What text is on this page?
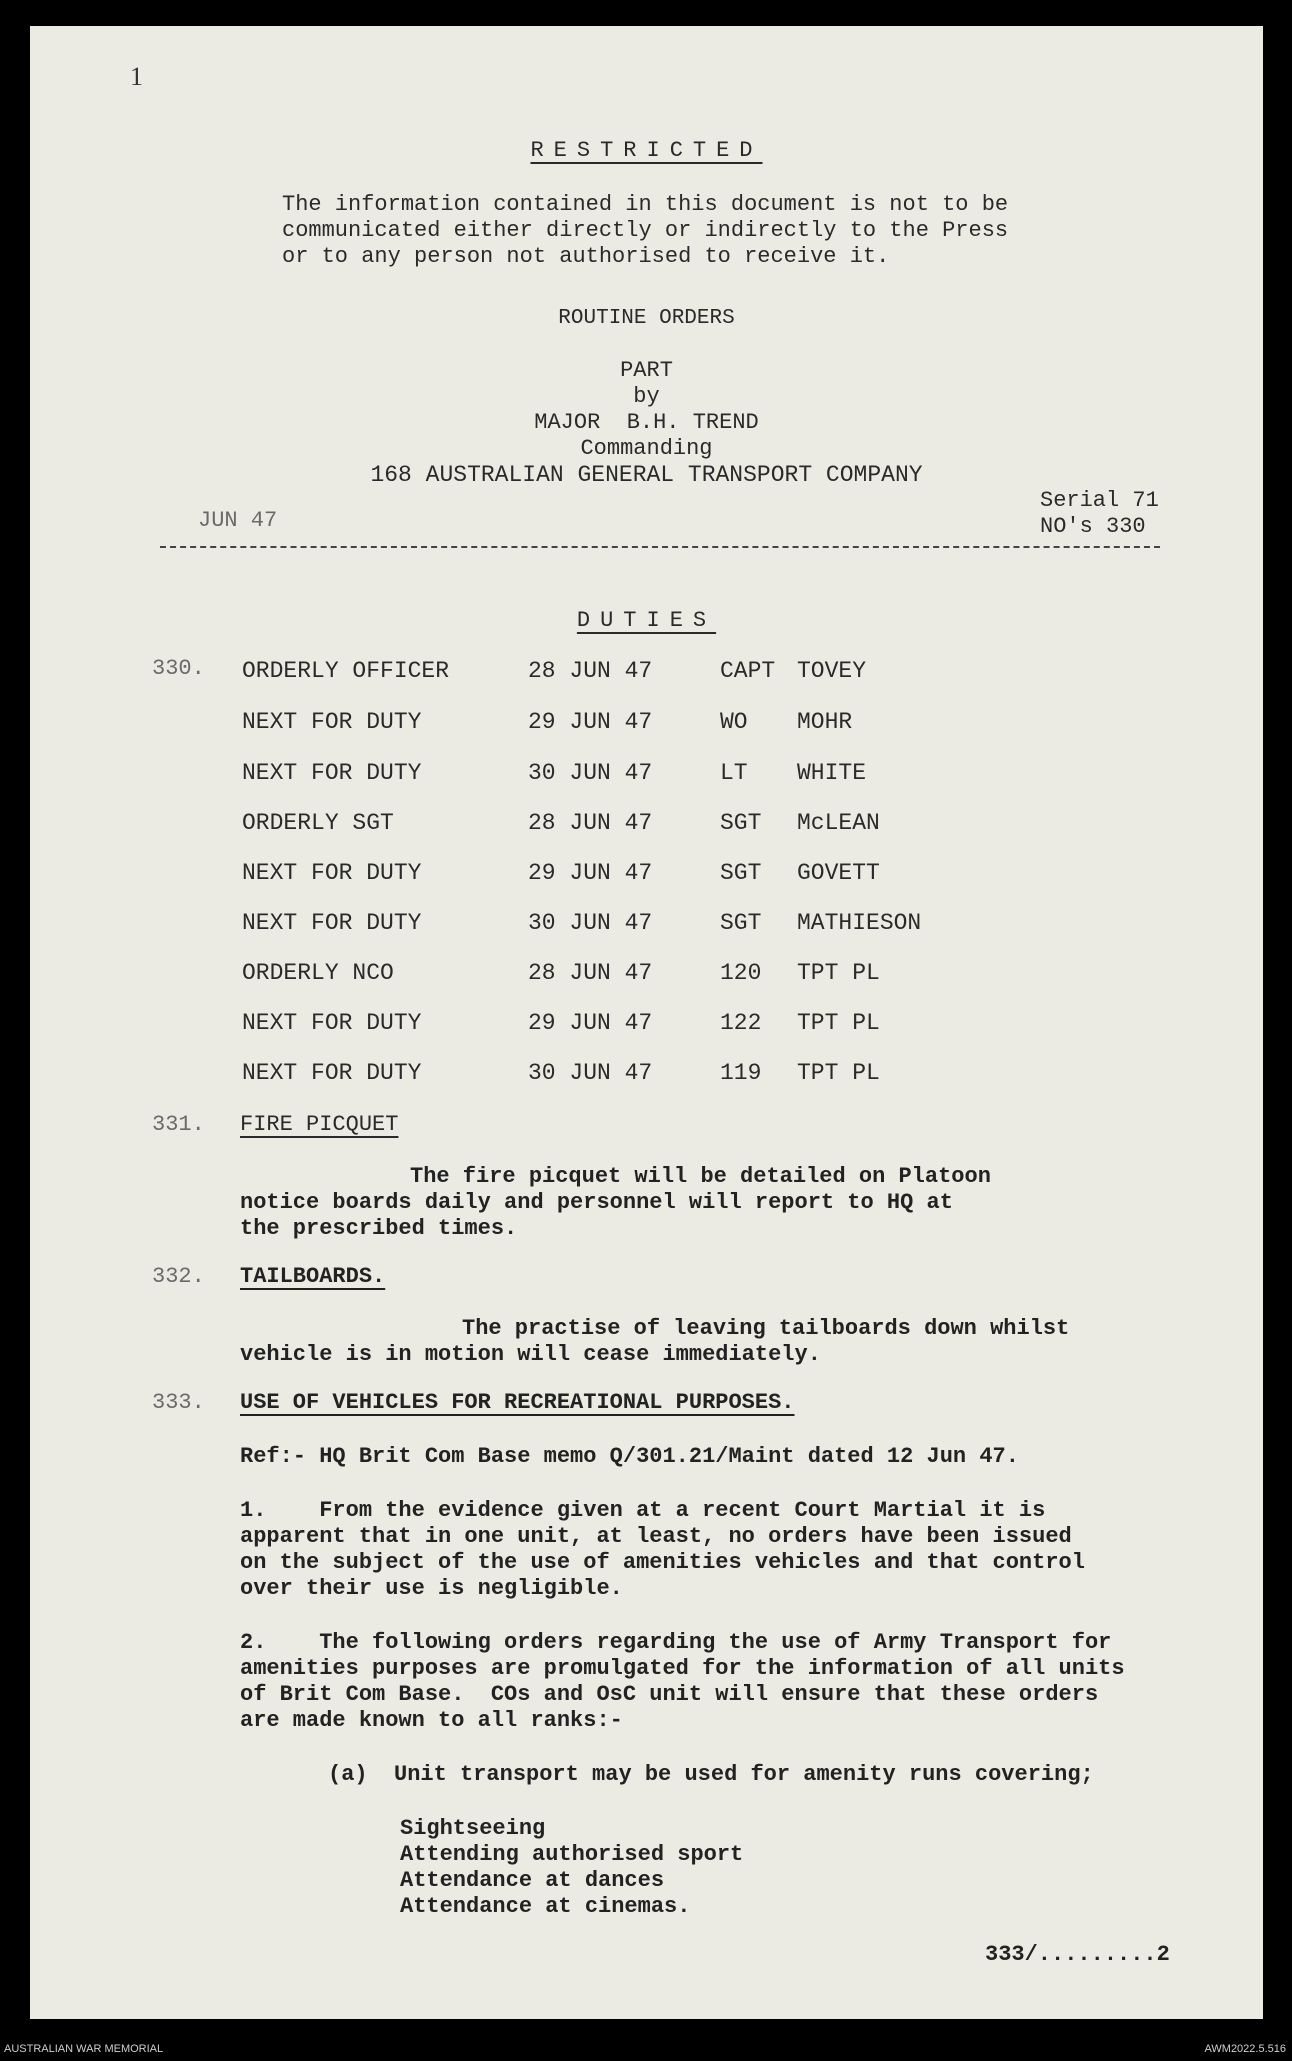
1
RESTRICTED
The information contained in this document is not to be
communicated either directly or indirectly to the Press
or to any person not authorised to receive it.
ROUTINE ORDERS
PART
by
MAJOR  B.H. TREND
Commanding
168 AUSTRALIAN GENERAL TRANSPORT COMPANY
JUN 47
Serial 71
NO's 330
DUTIES
330. ORDERLY OFFICER	28 JUN 47	CAPT TOVEY
NEXT FOR DUTY	29 JUN 47	WO MOHR
NEXT FOR DUTY	30 JUN 47	LT WHITE
ORDERLY SGT	28 JUN 47	SGT McLEAN
NEXT FOR DUTY	29 JUN 47	SGT GOVETT
NEXT FOR DUTY	30 JUN 47	SGT MATHIESON
ORDERLY NCO	28 JUN 47	120 TPT PL
NEXT FOR DUTY	29 JUN 47	122 TPT PL
NEXT FOR DUTY	30 JUN 47	119 TPT PL
331. FIRE PICQUET
The fire picquet will be detailed on Platoon
notice boards daily and personnel will report to HQ at
the prescribed times.
332. TAILBOARDS.
The practise of leaving tailboards down whilst
vehicle is in motion will cease immediately.
333. USE OF VEHICLES FOR RECREATIONAL PURPOSES.
Ref:- HQ Brit Com Base memo Q/301.21/Maint dated 12 Jun 47.
1.    From the evidence given at a recent Court Martial it is
apparent that in one unit, at least, no orders have been issued
on the subject of the use of amenities vehicles and that control
over their use is negligible.
2.    The following orders regarding the use of Army Transport for
amenities purposes are promulgated for the information of all units
of Brit Com Base.  COs and OsC unit will ensure that these orders
are made known to all ranks:-
(a)  Unit transport may be used for amenity runs covering;
Sightseeing
Attending authorised sport
Attendance at dances
Attendance at cinemas.
333/.........2
AUSTRALIAN WAR MEMORIAL	AWM2022.5.516
